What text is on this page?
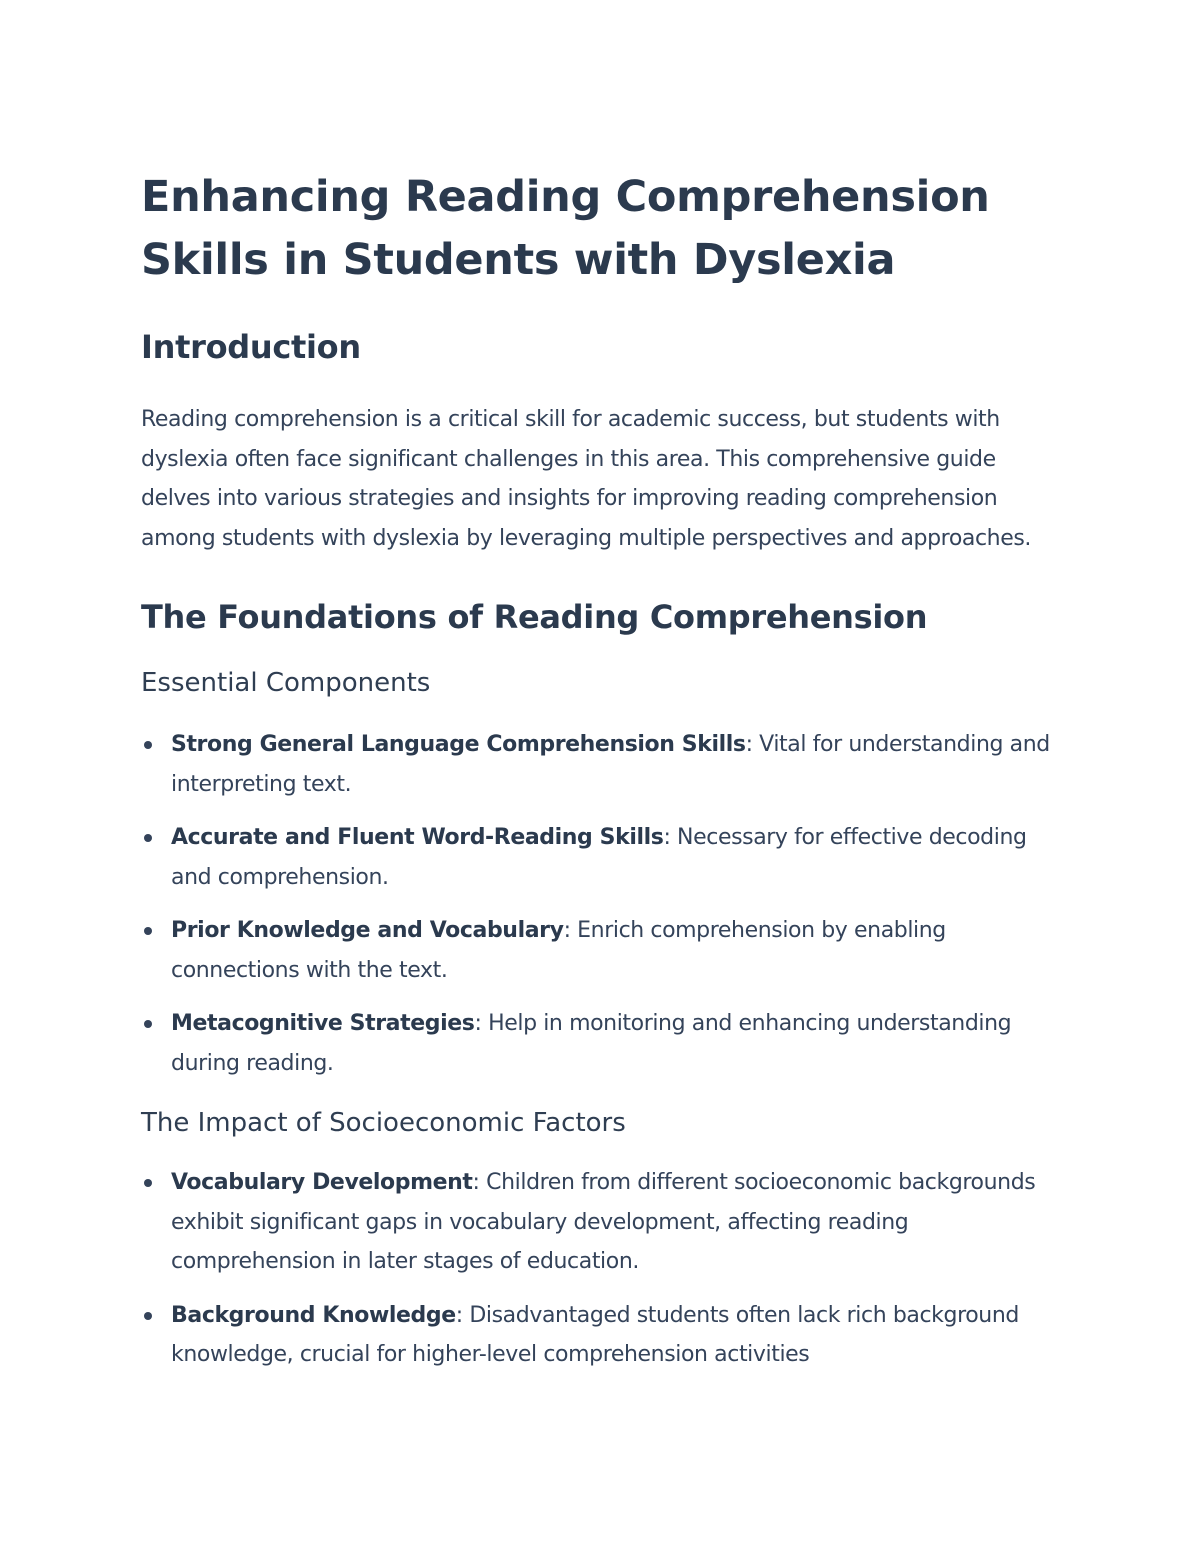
Enhancing Reading Comprehension Skills in Students with Dyslexia
Introduction

Reading comprehension is a critical skill for academic success, but students with dyslexia often face significant challenges in this area. This comprehensive guide delves into various strategies and insights for improving reading comprehension among students with dyslexia by leveraging multiple perspectives and approaches.

The Foundations of Reading Comprehension
Essential Components
Strong General Language Comprehension Skills: Vital for understanding and interpreting text.
Accurate and Fluent Word-Reading Skills: Necessary for effective decoding and comprehension.
Prior Knowledge and Vocabulary: Enrich comprehension by enabling connections with the text.
Metacognitive Strategies: Help in monitoring and enhancing understanding during reading.
The Impact of Socioeconomic Factors
Vocabulary Development: Children from different socioeconomic backgrounds exhibit significant gaps in vocabulary development, affecting reading comprehension in later stages of education.
Background Knowledge: Disadvantaged students often lack rich background knowledge, crucial for higher-level comprehension activities
